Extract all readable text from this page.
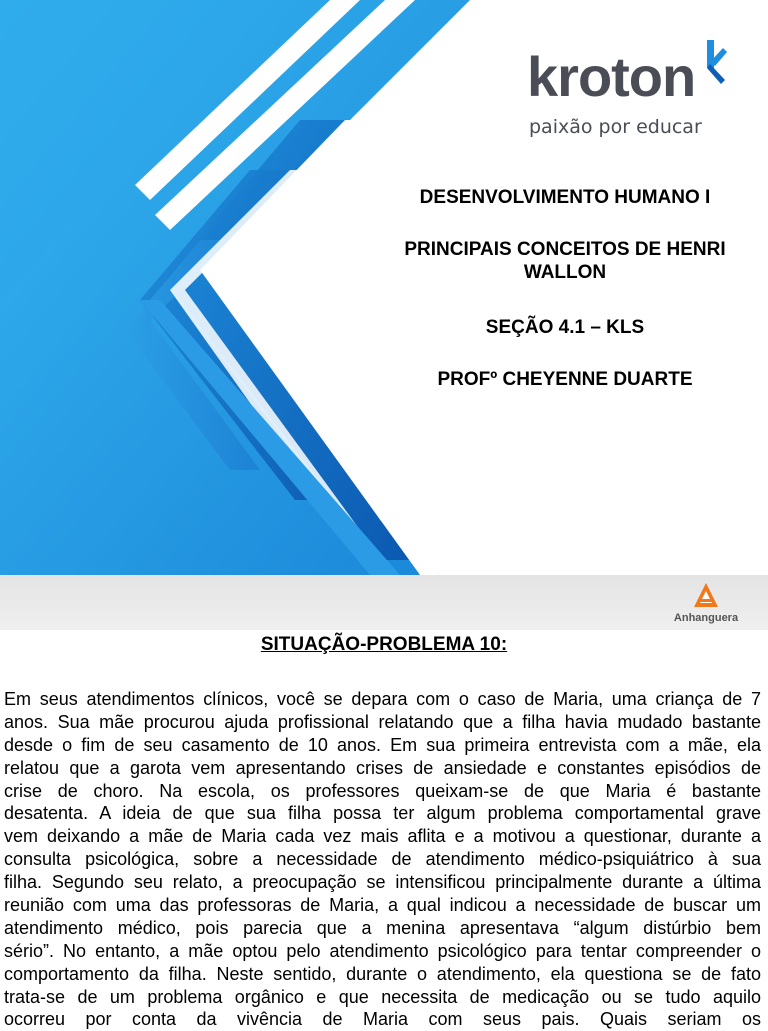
kroton
paixão por educar
DESENVOLVIMENTO HUMANO I
PRINCIPAIS CONCEITOS DE HENRI WALLON
SEÇÃO 4.1 – KLS
PROFº CHEYENNE DUARTE
Anhanguera
SITUAÇÃO-PROBLEMA 10:
Em seus atendimentos clínicos, você se depara com o caso de Maria, uma criança de 7
anos. Sua mãe procurou ajuda profissional relatando que a filha havia mudado bastante
desde o fim de seu casamento de 10 anos. Em sua primeira entrevista com a mãe, ela
relatou que a garota vem apresentando crises de ansiedade e constantes episódios de
crise de choro. Na escola, os professores queixam-se de que Maria é bastante
desatenta. A ideia de que sua filha possa ter algum problema comportamental grave
vem deixando a mãe de Maria cada vez mais aflita e a motivou a questionar, durante a
consulta psicológica, sobre a necessidade de atendimento médico-psiquiátrico à sua
filha. Segundo seu relato, a preocupação se intensificou principalmente durante a última
reunião com uma das professoras de Maria, a qual indicou a necessidade de buscar um
atendimento médico, pois parecia que a menina apresentava “algum distúrbio bem
sério”. No entanto, a mãe optou pelo atendimento psicológico para tentar compreender o
comportamento da filha. Neste sentido, durante o atendimento, ela questiona se de fato
trata-se de um problema orgânico e que necessita de medicação ou se tudo aquilo
ocorreu por conta da vivência de Maria com seus pais. Quais seriam os
